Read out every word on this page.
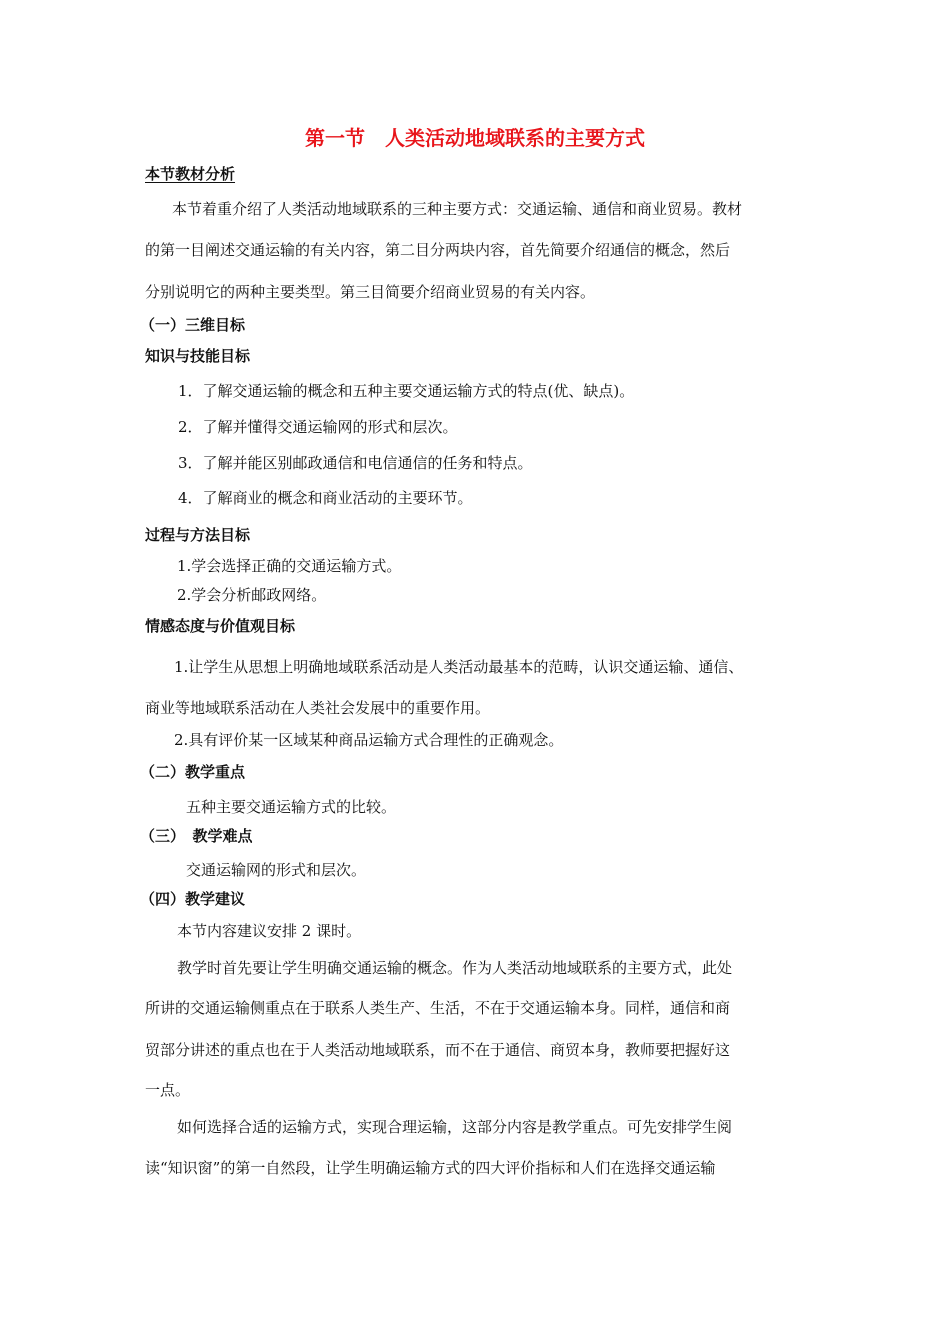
第一节　人类活动地域联系的主要方式
本节教材分析
本节着重介绍了人类活动地域联系的三种主要方式：交通运输、通信和商业贸易。教材
的第一目阐述交通运输的有关内容，第二目分两块内容，首先简要介绍通信的概念，然后
分别说明它的两种主要类型。第三目简要介绍商业贸易的有关内容。
（一）三维目标
知识与技能目标
1．了解交通运输的概念和五种主要交通运输方式的特点(优、缺点)。
2．了解并懂得交通运输网的形式和层次。
3．了解并能区别邮政通信和电信通信的任务和特点。
4．了解商业的概念和商业活动的主要环节。
过程与方法目标
1.学会选择正确的交通运输方式。
2.学会分析邮政网络。
情感态度与价值观目标
1.让学生从思想上明确地域联系活动是人类活动最基本的范畴，认识交通运输、通信、
商业等地域联系活动在人类社会发展中的重要作用。
2.具有评价某一区域某种商品运输方式合理性的正确观念。
（二）教学重点
五种主要交通运输方式的比较。
（三）　教学难点
交通运输网的形式和层次。
（四）教学建议
本节内容建议安排 2 课时。
教学时首先要让学生明确交通运输的概念。作为人类活动地域联系的主要方式，此处
所讲的交通运输侧重点在于联系人类生产、生活，不在于交通运输本身。同样，通信和商
贸部分讲述的重点也在于人类活动地域联系，而不在于通信、商贸本身，教师要把握好这
一点。
如何选择合适的运输方式，实现合理运输，这部分内容是教学重点。可先安排学生阅
读“知识窗”的第一自然段，让学生明确运输方式的四大评价指标和人们在选择交通运输
